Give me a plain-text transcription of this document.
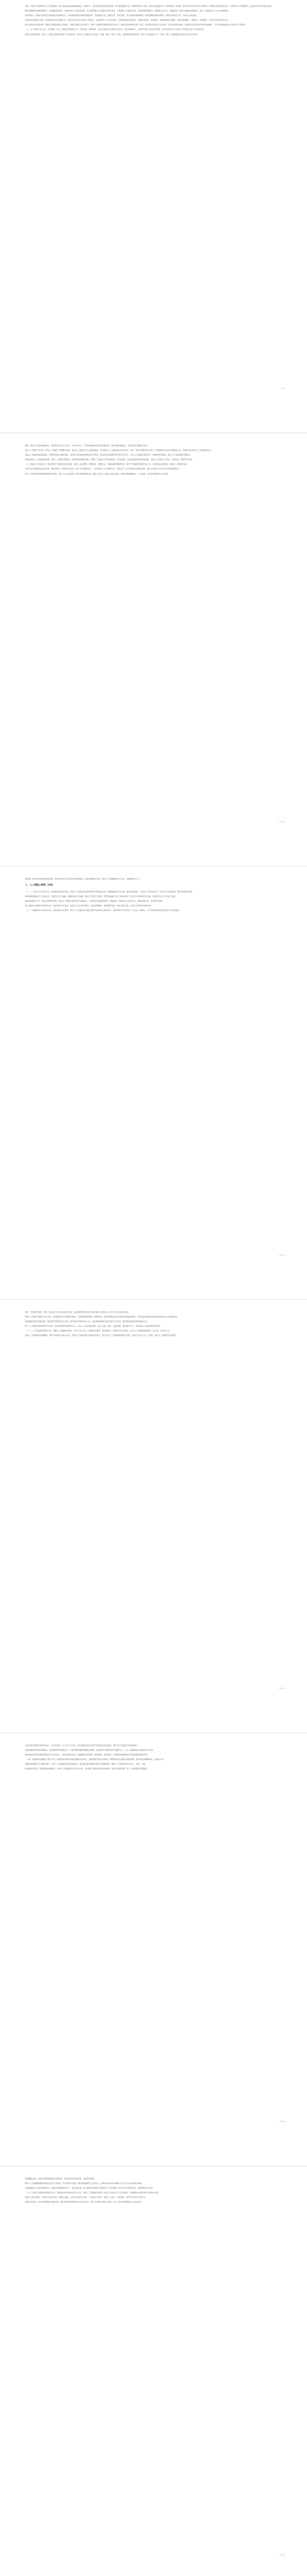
优化，分级分类管理校本生产业相配套，推动金融科技金融设施建设。在线医疗，深化医疗服务结构性改革，综合教育服务开发。系统部署医疗业务，推进全国远程医疗一体化管理，形成新一代医疗相关的数字医疗新格局，加快数字医院建设运营，有效带动生产要素转化，促进实体经济高质量发展。

整合城镇教育资源统筹提升，构建覆盖城乡统一协调的基本公共服务体系，扎实推进基本公共服务均等化建设，不断提升公共服务质量，完善基础设施建设，增强数字化水平，积极推进产业链与创新链深度融合，提升公共服务能力与社会治理效能。

加快构建人工智能与实体经济深度融合的创新生态，推动数据要素市场化配置改革，完善数据产权、流通交易、收益分配、安全治理等基础制度，促进数据资源高效利用，提高全要素生产率，培育壮大新动能。

深化教育领域综合改革，推进教育数字化战略行动，建设全民终身学习的学习型社会，促进教育公平与质量提升。围绕高质量发展需求，统筹职业教育、高等教育、继续教育协同创新，推进职普融通、产教融合、科教融汇，优化职业教育类型定位。

健全完善技术创新体系，强化企业科技创新主体地位，加强关键核心技术攻关，提升产业链供应链韧性和安全水平，推动科技成果转化和产业化，加快建设现代化产业体系，夯实实体经济根基，促进数字经济和实体经济深度融合，打造具有国际竞争力的数字产业集群。

（八）百千科技兴业行动。支持建设一批人工智能开放创新平台，支持高校、科研院所、龙头企业联合共建重点实验室，推动基础研究、应用研究和产业化协同发展，加快形成具有自主知识产权的核心技术与标准体系。

统筹各类创新资源，推动人工智能关键技术研发与产业化应用，推动人工智能技术在制造、交通、能源、医疗、教育、金融等领域深度应用，提升产业智能化水平，培育一批人工智能创新应用先导区和示范项目。

— 9 —

体制，推动产学研用深度融合，加快构建以企业为主体、市场为导向、产学研深度融合的技术创新体系，提升原始创新能力，加快突破关键核心技术。

优化人工智能产业布局，推进人工智能产业集聚区建设，推动人工智能与各行业深度融合，支持建设人工智能创新应用先导区，培育一批具有国际竞争力的人工智能领军企业和专精特新企业，构建开放协同的人工智能创新生态。

加强人工智能基础设施建设，统筹布局算力基础设施，推动算力资源高效调度和共享利用，建设高质量数据集和开源开放平台，夯实人工智能发展的算力、数据和算法基础，提升人工智能基础支撑能力。

构建完善的人工智能治理体系，健全人工智能法律法规、伦理规范和政策体系，加强人工智能安全评估和监管，防范化解人工智能发展带来的风险挑战，促进人工智能安全可控、可靠可信、健康有序发展。

（九）智能产业升级行动。推动传统产业智能化改造升级，加快工业互联网、智能制造、智慧农业、智能物流等领域发展，提升产业链供应链现代化水平，推动制造业高端化、智能化、绿色化发展。

支持企业开展智能化技术改造，建设智能工厂和数字化车间，推广应用智能装备、工业软件和工业互联网平台，推动生产方式变革和商业模式创新，提升企业核心竞争力和可持续发展能力。

基于产业链全流程数据资源的整合利用，推动产业协同发展，提升资源配置效率，促进产业链上下游企业协同创新，加快构建数据驱动、平台赋能、开放协同的现代产业体系。

— 10 —

新领域，强化高质量发展的新动能，推动数字经济与实体经济深度融合，加快建设数字中国，推动人工智能赋能千行百业，发展新质生产力。

二、人工智能+教育（5项）

（十一）个性化学习支持行动。推进教育数字化转型，探索人工智能技术在教育教学中的创新应用，构建智能化学习环境，推动因材施教、个性化学习和终身学习，助力学生全面发展，提升教育教学质量。

利用数据挖掘和学习分析技术，构建学生学习画像，精准诊断学习问题，推送个性化学习资源，提供智能辅导与学习路径规划，提升学习效率和学习体验，促进学生自主学习能力发展。

建设智能教学平台，整合优质教育资源，推动人工智能与课堂教学深度融合，支持教师开展智能备课、智能授课、智能作业与智能评价，减轻教师负担，提升教学效能。

基于智能学习系统开展学情分析，推动教学方式变革，促进线上线下融合教学，推进智慧校园、智慧课堂建设，构建互联互通、开放共享的教育资源体系。

（十二）智能教育评价改革行动。深化教育评价改革，利用人工智能技术开展过程性评价和综合素质评价，推动教育评价科学化、多元化、精准化，引导学校和教师更加注重学生全面发展。

— 11 —

教学，开展教学资源、教学方式和学习方式的智能化变革，推动课堂教学从知识传授向能力培养转变，助力学生核心素养发展。

利用人工智能开展师生交互分析，构建教师专业发展数字画像，支持教师精准教研、精准培训，推动教师队伍数字素养和智能素养提升，培养适应智能时代需要的高素质专业化教师队伍。

构建智能化教育管理体系，推进教育治理数字化转型，提升教育决策科学化水平，推动教育数据互联互通与共享应用，提升教育管理效率和服务水平。

基于人工智能的教育资源共享机制，推动优质教育资源向农村、边远、欠发达地区倾斜，缩小区域、城乡、校际差距，促进教育公平，推动基本公共教育服务均等化。

（十三）人工智能素养提升行动。加强人工智能科普教育，在中小学开设人工智能相关课程，推动高校人工智能学科专业建设，培养人工智能领域创新型、复合型、应用型人才。

建设人工智能教育实践基地，推动产教融合与校企合作，开展人工智能竞赛与创新实践活动，提升全民人工智能素养和数字技能，营造全社会学习人工智能、应用人工智能的良好氛围。

— 12 —

实验过程中精准化的教学设计，打造沉浸式、交互式学习体验，推动虚拟仿真实验教学和智能实验室建设，提升学生实践能力和创新能力。

加强智能教育基础设施建设，推进校园网络提速扩容，完善智能终端和智慧教室配置，建设教育专网和教育大数据中心，为人工智能教育应用提供坚实支撑。

利用智能技术推动教育资源共享与协同育人，促进家校社协同，构建覆盖学前教育、基础教育、职业教育、高等教育和继续教育的智能教育服务体系。

（十四）智能教育治理能力提升行动。推进教育治理体系和治理能力现代化，建设教育决策支持系统，加强教育运行监测与风险预警，提升教育治理精细化、智能化水平。

加强教育数据安全与隐私保护，完善人工智能教育应用伦理规范，建立健全教育数据分级分类管理制度，确保人工智能教育应用安全、规范、可控。

推动教育领域人工智能标准体系建设，开展人工智能教育应用试点示范，总结推广典型经验和优秀案例，形成可复制可推广的人工智能教育发展模式。

— 13 —

构建覆盖全面、结构合理的智能教育支撑体系，推动教育高质量发展，建设教育强国。

利用人工智能辅助教师开展作业设计与批改、学业诊断与反馈，减轻教师重复性工作负担，让教师有更多时间和精力关注学生成长和教学创新。

开展智能技术支持的教研活动，建设区域智能教研平台，推动跨区域、跨学校的协同教研与资源共享，提升教研工作的针对性和实效性，促进教师专业成长。

（十五）终身学习服务体系建设行动。建设面向全民的终身学习平台，利用人工智能技术提供个性化学习推荐与学习支持服务，构建服务全民终身学习的教育体系。

推进学分银行建设，推动学习成果认证、积累与转换，支持社会成员多样化、个性化学习需求，建设人人皆学、处处能学、时时可学的学习型社会。

加强老年教育、社区教育和职业技能培训，推动优质教育资源向社会开放共享，提升全民数字素养与技能，助力人的全面发展和社会全面进步。

— 14 —
